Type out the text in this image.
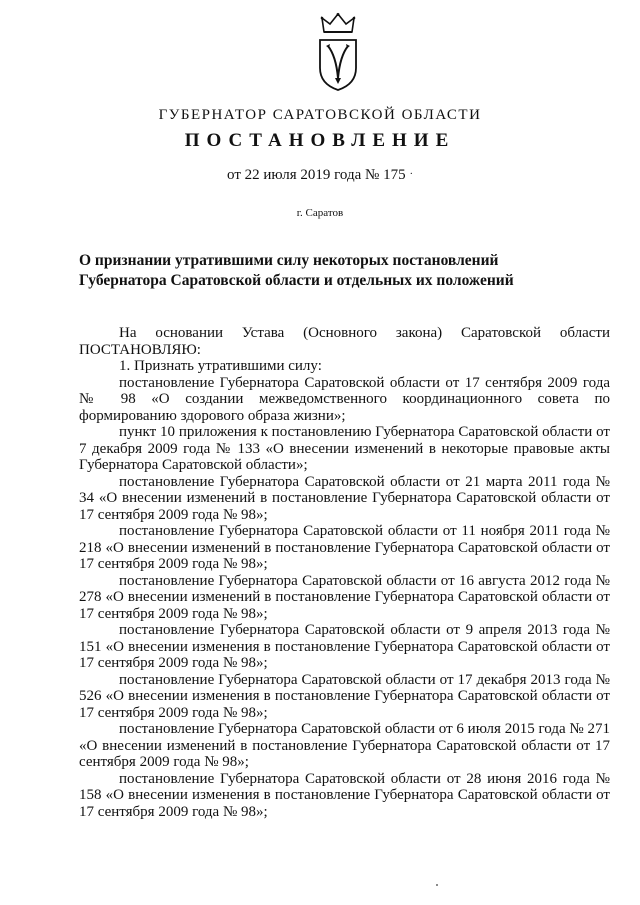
ГУБЕРНАТОР САРАТОВСКОЙ ОБЛАСТИ
ПОСТАНОВЛЕНИЕ
от 22 июля 2019 года № 175 ·
г. Саратов
О признании утратившими силу некоторых постановлений
Губернатора Саратовской области и отдельных их положений

На основании Устава (Основного закона) Саратовской области ПОСТАНОВЛЯЮ:

1. Признать утратившими силу:

постановление Губернатора Саратовской области от 17 сентября 2009 года № 98 «О создании межведомственного координационного совета по формированию здорового образа жизни»;

пункт 10 приложения к постановлению Губернатора Саратовской области от 7 декабря 2009 года № 133 «О внесении изменений в некоторые правовые акты Губернатора Саратовской области»;

постановление Губернатора Саратовской области от 21 марта 2011 года № 34 «О внесении изменений в постановление Губернатора Саратовской области от 17 сентября 2009 года № 98»;

постановление Губернатора Саратовской области от 11 ноября 2011 года № 218 «О внесении изменений в постановление Губернатора Саратовской области от 17 сентября 2009 года № 98»;

постановление Губернатора Саратовской области от 16 августа 2012 года № 278 «О внесении изменений в постановление Губернатора Саратовской области от 17 сентября 2009 года № 98»;

постановление Губернатора Саратовской области от 9 апреля 2013 года № 151 «О внесении изменения в постановление Губернатора Саратовской области от 17 сентября 2009 года № 98»;

постановление Губернатора Саратовской области от 17 декабря 2013 года № 526 «О внесении изменения в постановление Губернатора Саратовской области от 17 сентября 2009 года № 98»;

постановление Губернатора Саратовской области от 6 июля 2015 года № 271 «О внесении изменений в постановление Губернатора Саратовской области от 17 сентября 2009 года № 98»;

постановление Губернатора Саратовской области от 28 июня 2016 года № 158 «О внесении изменения в постановление Губернатора Саратовской области от 17 сентября 2009 года № 98»;
